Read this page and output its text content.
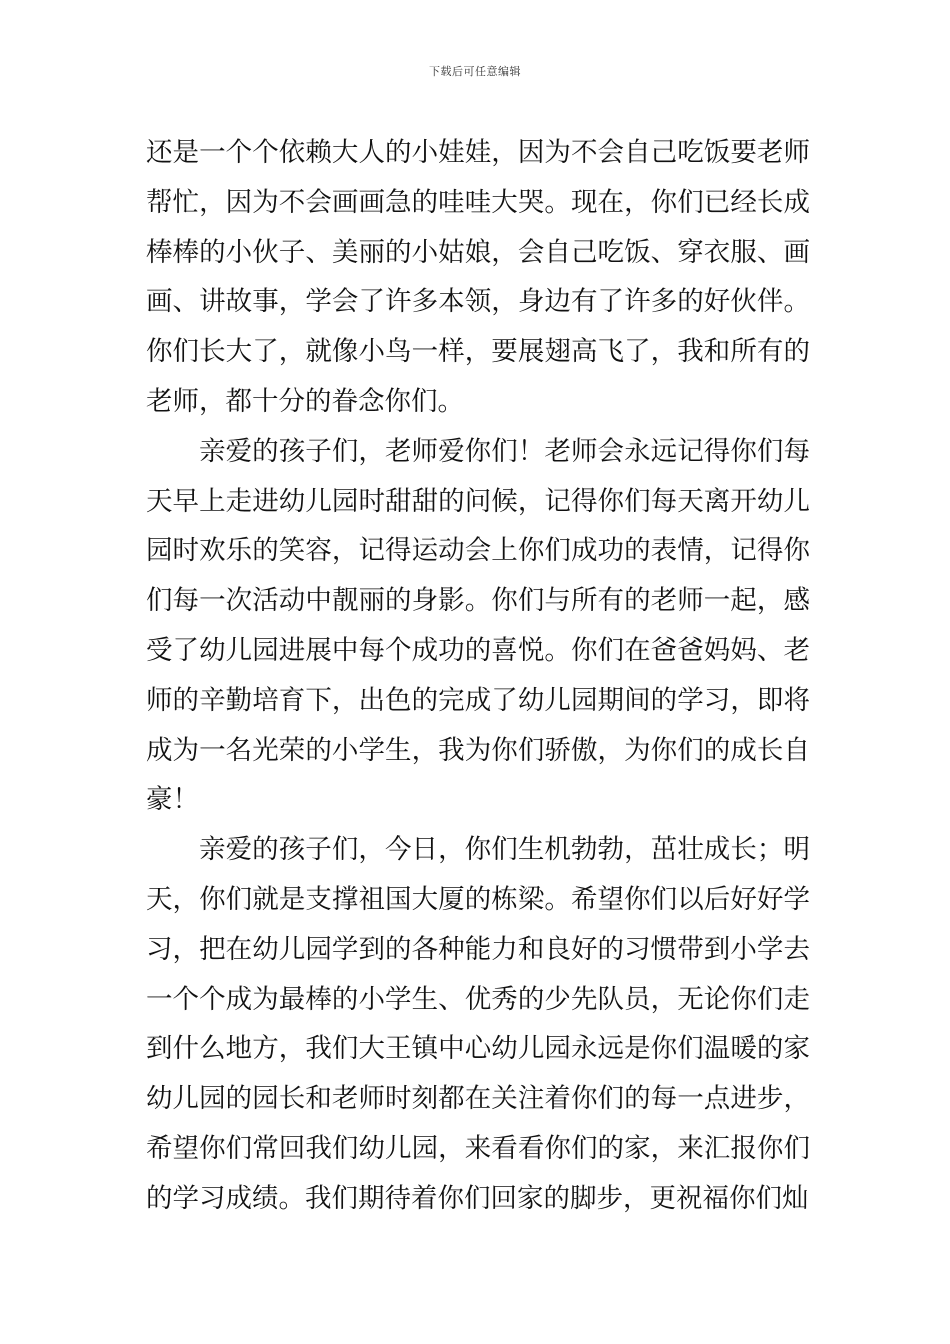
下载后可任意编辑

还是一个个依赖大人的小娃娃，因为不会自己吃饭要老师帮忙，因为不会画画急的哇哇大哭。现在，你们已经长成棒棒的小伙子、美丽的小姑娘，会自己吃饭、穿衣服、画画、讲故事，学会了许多本领，身边有了许多的好伙伴。你们长大了，就像小鸟一样，要展翅高飞了，我和所有的老师，都十分的眷念你们。

亲爱的孩子们，老师爱你们！老师会永远记得你们每天早上走进幼儿园时甜甜的问候，记得你们每天离开幼儿园时欢乐的笑容，记得运动会上你们成功的表情，记得你们每一次活动中靓丽的身影。你们与所有的老师一起，感受了幼儿园进展中每个成功的喜悦。你们在爸爸妈妈、老师的辛勤培育下，出色的完成了幼儿园期间的学习，即将成为一名光荣的小学生，我为你们骄傲，为你们的成长自豪！

亲爱的孩子们，今日，你们生机勃勃，茁壮成长；明天，你们就是支撑祖国大厦的栋梁。希望你们以后好好学习，把在幼儿园学到的各种能力和良好的习惯带到小学去一个个成为最棒的小学生、优秀的少先队员，无论你们走到什么地方，我们大王镇中心幼儿园永远是你们温暖的家幼儿园的园长和老师时刻都在关注着你们的每一点进步，希望你们常回我们幼儿园，来看看你们的家，来汇报你们的学习成绩。我们期待着你们回家的脚步，更祝福你们灿
